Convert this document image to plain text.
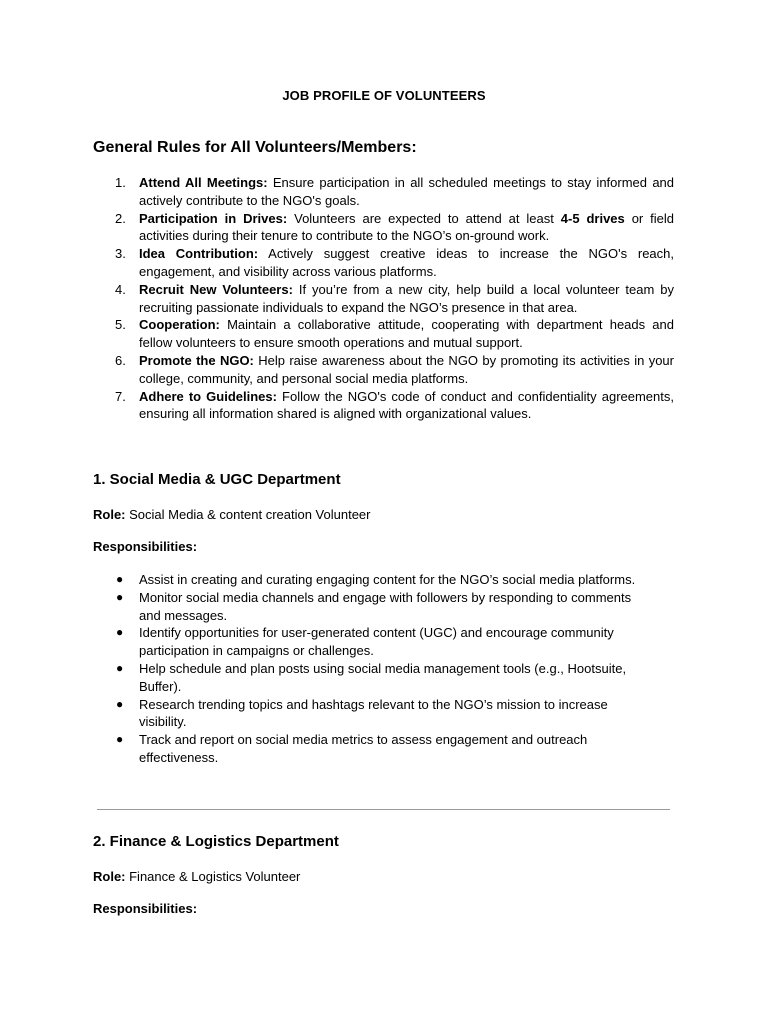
JOB PROFILE OF VOLUNTEERS
General Rules for All Volunteers/Members:
1. Attend All Meetings: Ensure participation in all scheduled meetings to stay informed and actively contribute to the NGO's goals.
2. Participation in Drives: Volunteers are expected to attend at least 4-5 drives or field activities during their tenure to contribute to the NGO’s on-ground work.
3. Idea Contribution: Actively suggest creative ideas to increase the NGO's reach, engagement, and visibility across various platforms.
4. Recruit New Volunteers: If you’re from a new city, help build a local volunteer team by recruiting passionate individuals to expand the NGO’s presence in that area.
5. Cooperation: Maintain a collaborative attitude, cooperating with department heads and fellow volunteers to ensure smooth operations and mutual support.
6. Promote the NGO: Help raise awareness about the NGO by promoting its activities in your college, community, and personal social media platforms.
7. Adhere to Guidelines: Follow the NGO's code of conduct and confidentiality agreements, ensuring all information shared is aligned with organizational values.
1. Social Media & UGC Department
Role: Social Media & content creation Volunteer
Responsibilities:
● Assist in creating and curating engaging content for the NGO’s social media platforms.
● Monitor social media channels and engage with followers by responding to comments and messages.
● Identify opportunities for user-generated content (UGC) and encourage community participation in campaigns or challenges.
● Help schedule and plan posts using social media management tools (e.g., Hootsuite, Buffer).
● Research trending topics and hashtags relevant to the NGO’s mission to increase visibility.
● Track and report on social media metrics to assess engagement and outreach effectiveness.
2. Finance & Logistics Department
Role: Finance & Logistics Volunteer
Responsibilities:
